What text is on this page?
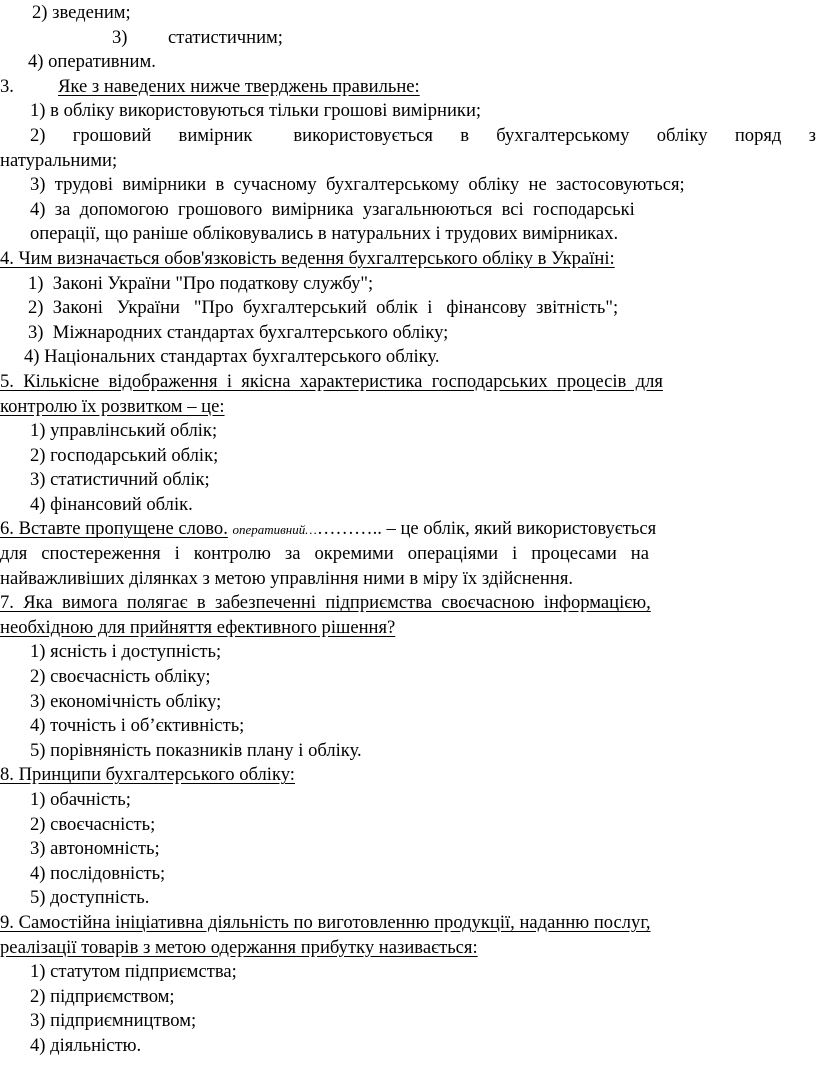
2) зведеним;
3) статистичним;
4) оперативним.
3. Яке з наведених нижче тверджень правильне:
1) в обліку використовуються тільки грошові вимірники;
2)  грошовий  вимірник   використовується  в  бухгалтерському  обліку  поряд  з
натуральними;
3)  трудові  вимірники  в  сучасному  бухгалтерському  обліку  не  застосовуються;
4)  за  допомогою  грошового  вимірника  узагальнюються  всі  господарські
операції, що раніше обліковувались в натуральних і трудових вимірниках.
4. Чим визначається обов'язковість ведення бухгалтерського обліку в Україні:
1)  Законі України "Про податкову службу";
2)  Законі   України   "Про  бухгалтерський  облік  і   фінансову  звітність";
3)  Міжнародних стандартах бухгалтерського обліку;
4) Національних стандартах бухгалтерського обліку.
5.  Кількісне  відображення  і  якісна  характеристика  господарських  процесів  для
контролю їх розвитком – це:
1) управлінський облік;
2) господарський облік;
3) статистичний облік;
4) фінансовий облік.
6. Вставте пропущене слово. оперативний………….. – це облік, який використовується
для   спостереження   і   контролю   за   окремими   операціями   і   процесами   на
найважливіших ділянках з метою управління ними в міру їх здійснення.
7.  Яка  вимога  полягає  в  забезпеченні  підприємства  своєчасною  інформацією,
необхідною для прийняття ефективного рішення?
1) ясність і доступність;
2) своєчасність обліку;
3) економічність обліку;
4) точність і об’єктивність;
5) порівняність показників плану і обліку.
8. Принципи бухгалтерського обліку:
1) обачність;
2) своєчасність;
3) автономність;
4) послідовність;
5) доступність.
9. Самостійна ініціативна діяльність по виготовленню продукції, наданню послуг,
реалізації товарів з метою одержання прибутку називається:
1) статутом підприємства;
2) підприємством;
3) підприємництвом;
4) діяльністю.
